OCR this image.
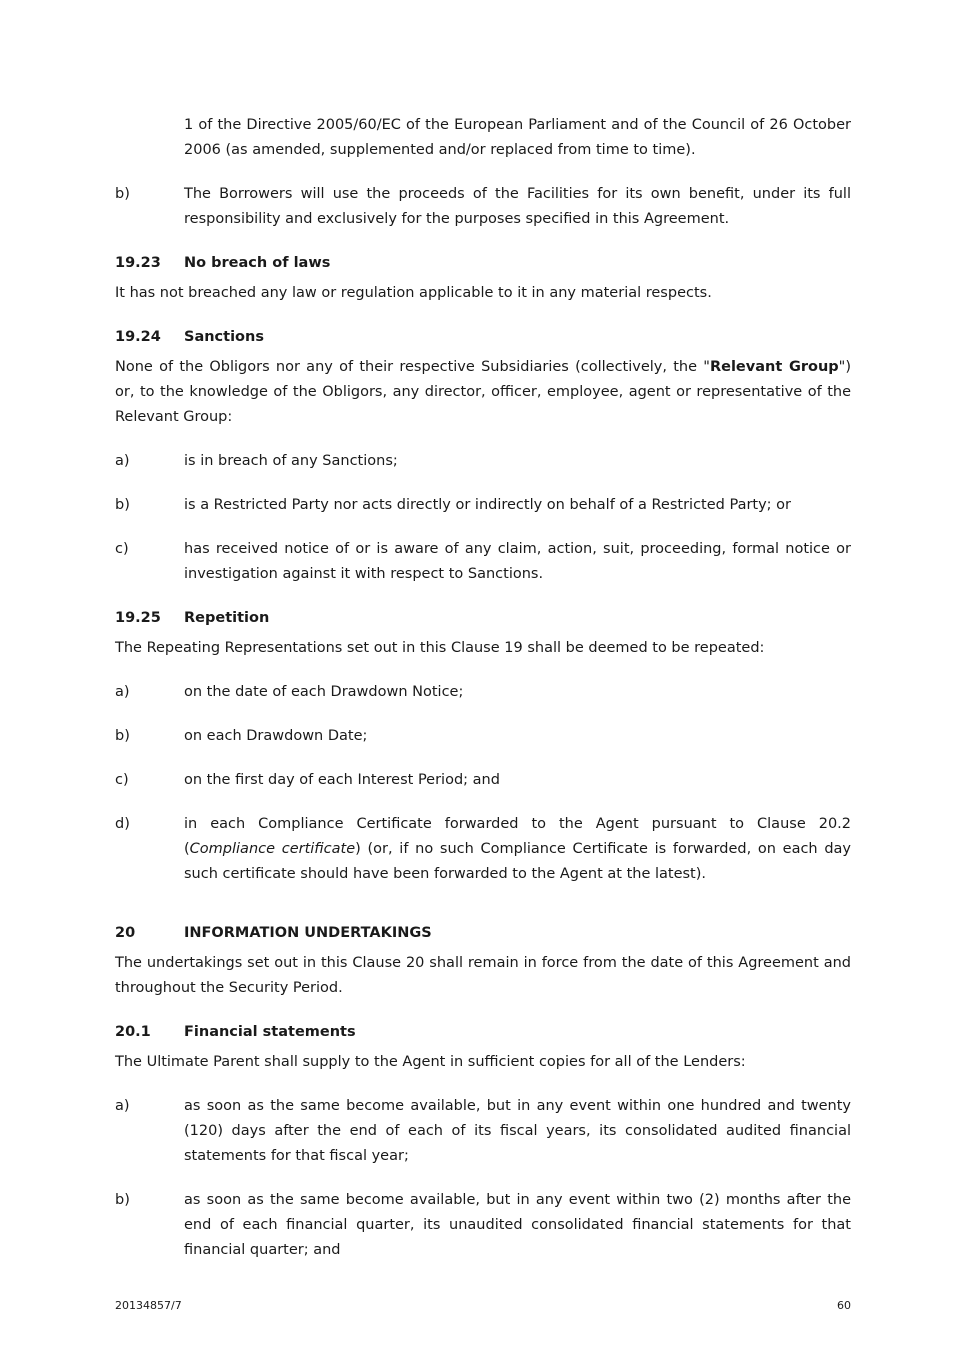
1 of the Directive 2005/60/EC of the European Parliament and of the Council of 26 October 2006 (as amended, supplemented and/or replaced from time to time).

b)	The Borrowers will use the proceeds of the Facilities for its own benefit, under its full responsibility and exclusively for the purposes specified in this Agreement.
19.23	No breach of laws

It has not breached any law or regulation applicable to it in any material respects.

19.24	Sanctions

None of the Obligors nor any of their respective Subsidiaries (collectively, the "Relevant Group") or, to the knowledge of the Obligors, any director, officer, employee, agent or representative of the Relevant Group:

a)	is in breach of any Sanctions;
b)	is a Restricted Party nor acts directly or indirectly on behalf of a Restricted Party; or
c)	has received notice of or is aware of any claim, action, suit, proceeding, formal notice or investigation against it with respect to Sanctions.
19.25	Repetition

The Repeating Representations set out in this Clause 19 shall be deemed to be repeated:

a)	on the date of each Drawdown Notice;
b)	on each Drawdown Date;
c)	on the first day of each Interest Period; and
d)	in each Compliance Certificate forwarded to the Agent pursuant to Clause 20.2 (Compliance certificate) (or, if no such Compliance Certificate is forwarded, on each day such certificate should have been forwarded to the Agent at the latest).
20	INFORMATION UNDERTAKINGS

The undertakings set out in this Clause 20 shall remain in force from the date of this Agreement and throughout the Security Period.

20.1	Financial statements

The Ultimate Parent shall supply to the Agent in sufficient copies for all of the Lenders:

a)	as soon as the same become available, but in any event within one hundred and twenty (120) days after the end of each of its fiscal years, its consolidated audited financial statements for that fiscal year;
b)	as soon as the same become available, but in any event within two (2) months after the end of each financial quarter, its unaudited consolidated financial statements for that financial quarter; and
20134857/7	60
